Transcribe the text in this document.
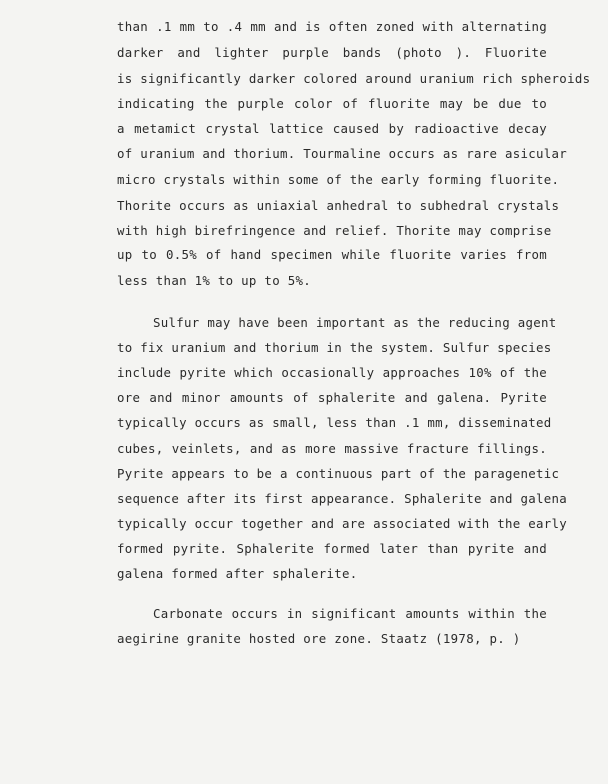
than .1 mm to .4 mm and is often zoned with alternating
darker and lighter purple bands (photo ). Fluorite
is significantly darker colored around uranium rich spheroids
indicating the purple color of fluorite may be due to
a metamict crystal lattice caused by radioactive decay
of uranium and thorium. Tourmaline occurs as rare asicular
micro crystals within some of the early forming fluorite.
Thorite occurs as uniaxial anhedral to subhedral crystals
with high birefringence and relief. Thorite may comprise
up to 0.5% of hand specimen while fluorite varies from
less than 1% to up to 5%.
Sulfur may have been important as the reducing agent
to fix uranium and thorium in the system. Sulfur species
include pyrite which occasionally approaches 10% of the
ore and minor amounts of sphalerite and galena. Pyrite
typically occurs as small, less than .1 mm, disseminated
cubes, veinlets, and as more massive fracture fillings.
Pyrite appears to be a continuous part of the paragenetic
sequence after its first appearance. Sphalerite and galena
typically occur together and are associated with the early
formed pyrite. Sphalerite formed later than pyrite and
galena formed after sphalerite.
Carbonate occurs in significant amounts within the
aegirine granite hosted ore zone. Staatz (1978, p. )
